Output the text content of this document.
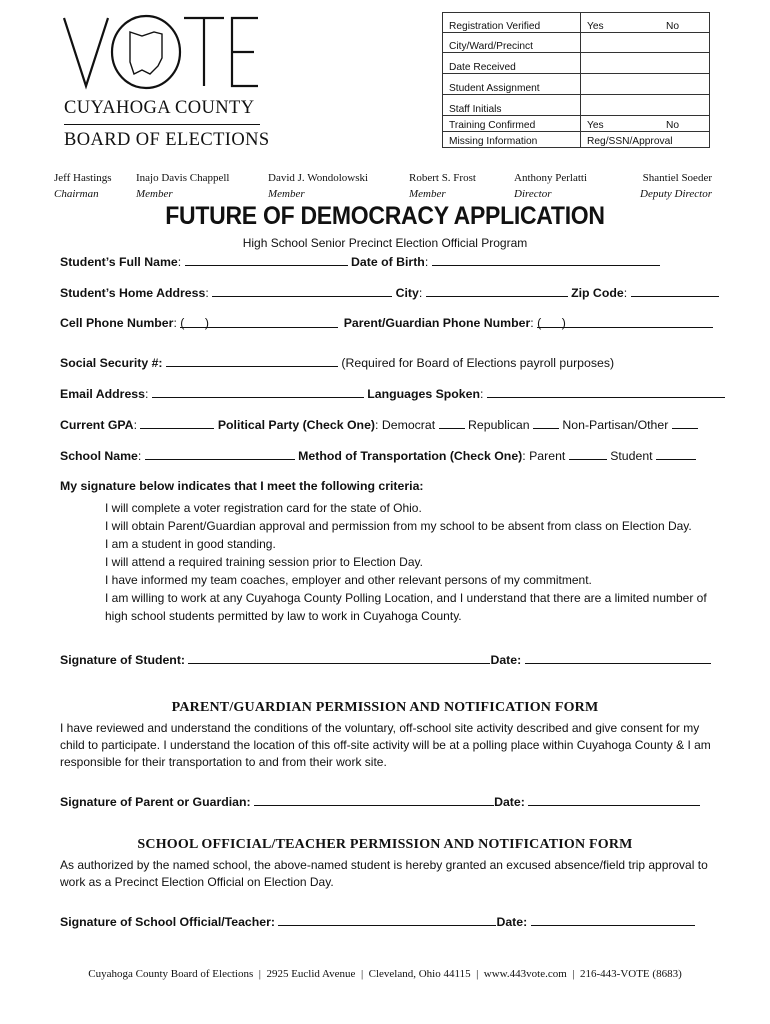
CUYAHOGA COUNTY
BOARD OF ELECTIONS
Registration Verified	Yes No

City/Ward/Precinct	
Date Received	
Student Assignment	
Staff Initials	
Training Confirmed	Yes No

Missing Information	Reg/SSN/Approval
Jeff Hastings
Chairman
Inajo Davis Chappell
Member
David J. Wondolowski
Member
Robert S. Frost
Member
Anthony Perlatti
Director
Shantiel Soeder
Deputy Director
FUTURE OF DEMOCRACY APPLICATION
High School Senior Precinct Election Official Program
Student’s Full Name:	Date of Birth:
Student’s Home Address:	City:	Zip Code:
Cell Phone Number: (      )	Parent/Guardian Phone Number: (      )
Social Security #:	(Required for Board of Elections payroll purposes)
Email Address:	Languages Spoken:
Current GPA:	Political Party (Check One): Democrat	Republican	Non-Partisan/Other
School Name:	Method of Transportation (Check One): Parent	Student
My signature below indicates that I meet the following criteria:
I will complete a voter registration card for the state of Ohio.
I will obtain Parent/Guardian approval and permission from my school to be absent from class on Election Day.
I am a student in good standing.
I will attend a required training session prior to Election Day.
I have informed my team coaches, employer and other relevant persons of my commitment.
I am willing to work at any Cuyahoga County Polling Location, and I understand that there are a limited number of high school students permitted by law to work in Cuyahoga County.
Signature of Student:	Date:
PARENT/GUARDIAN PERMISSION AND NOTIFICATION FORM
I have reviewed and understand the conditions of the voluntary, off-school site activity described and give consent for my child to participate. I understand the location of this off-site activity will be at a polling place within Cuyahoga County & I am responsible for their transportation to and from their work site.
Signature of Parent or Guardian:	Date:
SCHOOL OFFICIAL/TEACHER PERMISSION AND NOTIFICATION FORM
As authorized by the named school, the above-named student is hereby granted an excused absence/field trip approval to work as a Precinct Election Official on Election Day.
Signature of School Official/Teacher:	Date:
Cuyahoga County Board of Elections  |  2925 Euclid Avenue  |  Cleveland, Ohio 44115  |  www.443vote.com  |  216-443-VOTE (8683)
